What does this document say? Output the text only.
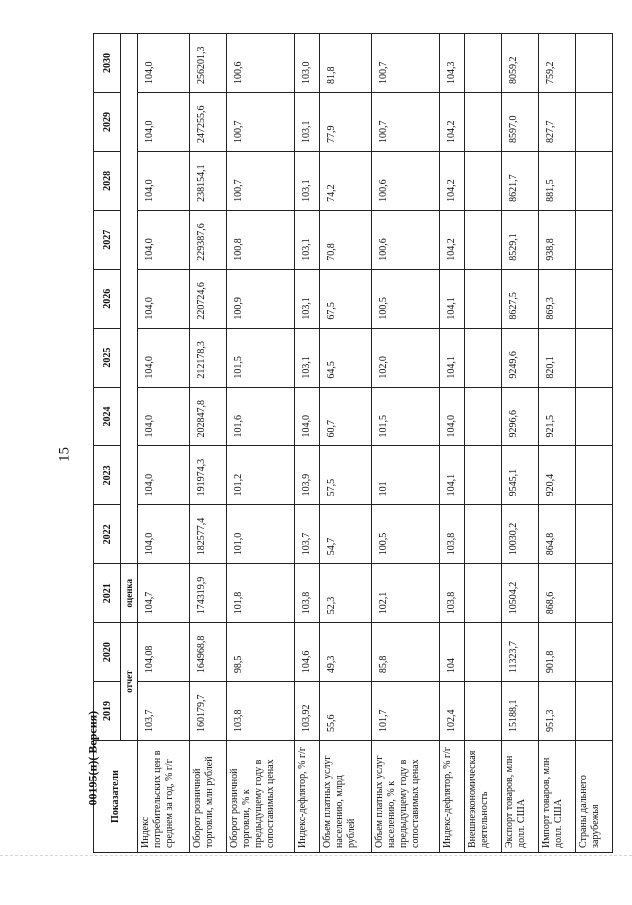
15
Показатели	2019	2020	2021	2022	2023	2024	2025	2026	2027	2028	2029	2030
	отчет		оценка									
Индекс потребительских цен в среднем за год, % г/г	103,7	104,08	104,7	104,0	104,0	104,0	104,0	104,0	104,0	104,0	104,0	104,0
Оборот розничной торговли, млн рублей	160179,7	164968,8	174319,9	182577,4	191974,3	202847,8	212178,3	220724,6	229387,6	238154,1	247255,6	256201,3
Оборот розничной торговли, % к предыдущему году в сопоставимых ценах	103,8	98,5	101,8	101,0	101,2	101,6	101,5	100,9	100,8	100,7	100,7	100,6
Индекс-дефлятор, % г/г	103,92	104,6	103,8	103,7	103,9	104,0	103,1	103,1	103,1	103,1	103,1	103,0
Объем платных услуг населению, млрд рублей	55,6	49,3	52,3	54,7	57,5	60,7	64,5	67,5	70,8	74,2	77,9	81,8
Объем платных услуг населению, % к предыдущему году в сопоставимых ценах	101,7	85,8	102,1	100,5	101	101,5	102,0	100,5	100,6	100,6	100,7	100,7
Индекс-дефлятор, % г/г	102,4	104	103,8	103,8	104,1	104,0	104,1	104,1	104,2	104,2	104,2	104,3
Внешнеэкономическая деятельность												
Экспорт товаров, млн долл. США	15188,1	11323,7	10504,2	10030,2	9545,1	9296,6	9249,6	8627,5	8529,1	8621,7	8597,0	8059,2
Импорт товаров, млн долл. США	951,3	901,8	868,6	864,8	920,4	921,5	820,1	869,3	938,8	881,5	827,7	759,2
Страны дальнего зарубежья												
00195(п)( Версия)
